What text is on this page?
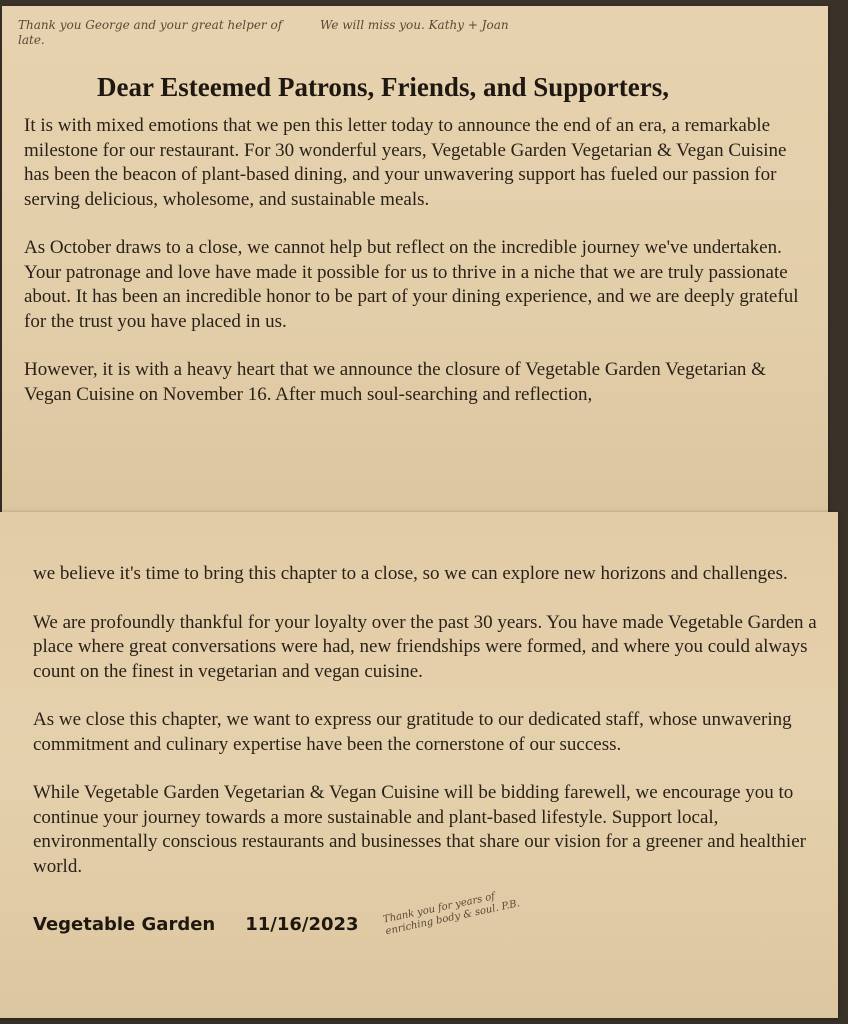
Dear Esteemed Patrons, Friends, and Supporters,

It is with mixed emotions that we pen this letter today to announce the end of an era, a remarkable milestone for our restaurant. For 30 wonderful years, Vegetable Garden Vegetarian & Vegan Cuisine has been the beacon of plant-based dining, and your unwavering support has fueled our passion for serving delicious, wholesome, and sustainable meals.

As October draws to a close, we cannot help but reflect on the incredible journey we've undertaken. Your patronage and love have made it possible for us to thrive in a niche that we are truly passionate about. It has been an incredible honor to be part of your dining experience, and we are deeply grateful for the trust you have placed in us.

However, it is with a heavy heart that we announce the closure of Vegetable Garden Vegetarian & Vegan Cuisine on November 16. After much soul-searching and reflection,

we believe it's time to bring this chapter to a close, so we can explore new horizons and challenges.

We are profoundly thankful for your loyalty over the past 30 years. You have made Vegetable Garden a place where great conversations were had, new friendships were formed, and where you could always count on the finest in vegetarian and vegan cuisine.

As we close this chapter, we want to express our gratitude to our dedicated staff, whose unwavering commitment and culinary expertise have been the cornerstone of our success.

While Vegetable Garden Vegetarian & Vegan Cuisine will be bidding farewell, we encourage you to continue your journey towards a more sustainable and plant-based lifestyle. Support local, environmentally conscious restaurants and businesses that share our vision for a greener and healthier world.

Vegetable Garden 11/16/2023 Thank you for years of enriching body & soul. P.B.
Thank you George and your great helper of late.
We will miss you. Kathy + Joan
